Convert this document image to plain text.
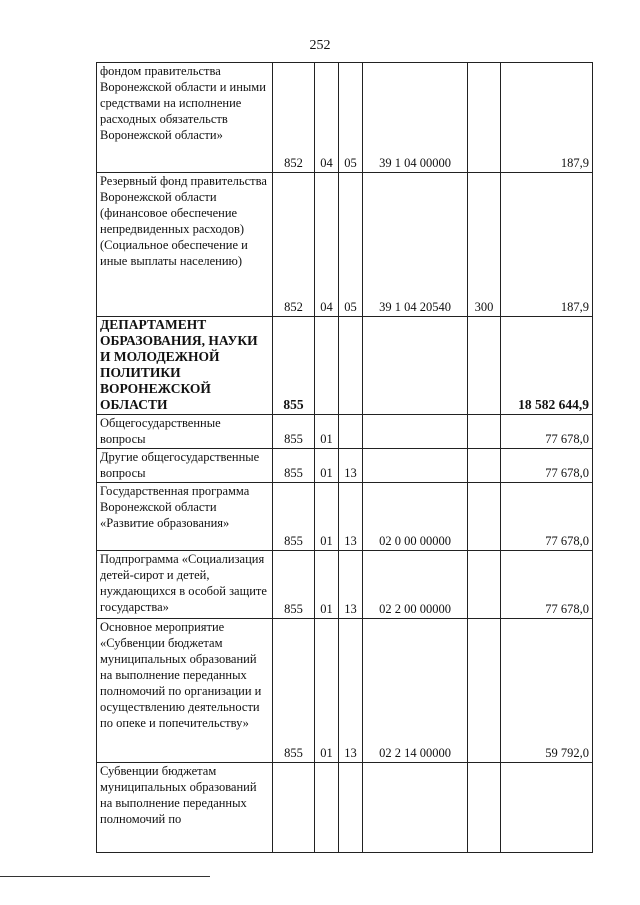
252
фондом правительства Воронежской области и иными средствами на исполнение расходных обязательств Воронежской области»	852	04	05	39 1 04 00000		187,9
Резервный фонд правительства Воронежской области (финансовое обеспечение непредвиденных расходов) (Социальное обеспечение и иные выплаты населению)	852	04	05	39 1 04 20540	300	187,9
ДЕПАРТАМЕНТ ОБРАЗОВАНИЯ, НАУКИ И МОЛОДЕЖНОЙ ПОЛИТИКИ ВОРОНЕЖСКОЙ ОБЛАСТИ	855					18 582 644,9
Общегосударственные вопросы	855	01				77 678,0
Другие общегосударственные вопросы	855	01	13			77 678,0
Государственная программа Воронежской области «Развитие образования»	855	01	13	02 0 00 00000		77 678,0
Подпрограмма «Социализация детей-сирот и детей, нуждающихся в особой защите государства»	855	01	13	02 2 00 00000		77 678,0
Основное мероприятие «Субвенции бюджетам муниципальных образований на выполнение переданных полномочий по организации и осуществлению деятельности по опеке и попечительству»	855	01	13	02 2 14 00000		59 792,0
Субвенции бюджетам муниципальных образований на выполнение переданных полномочий по						
